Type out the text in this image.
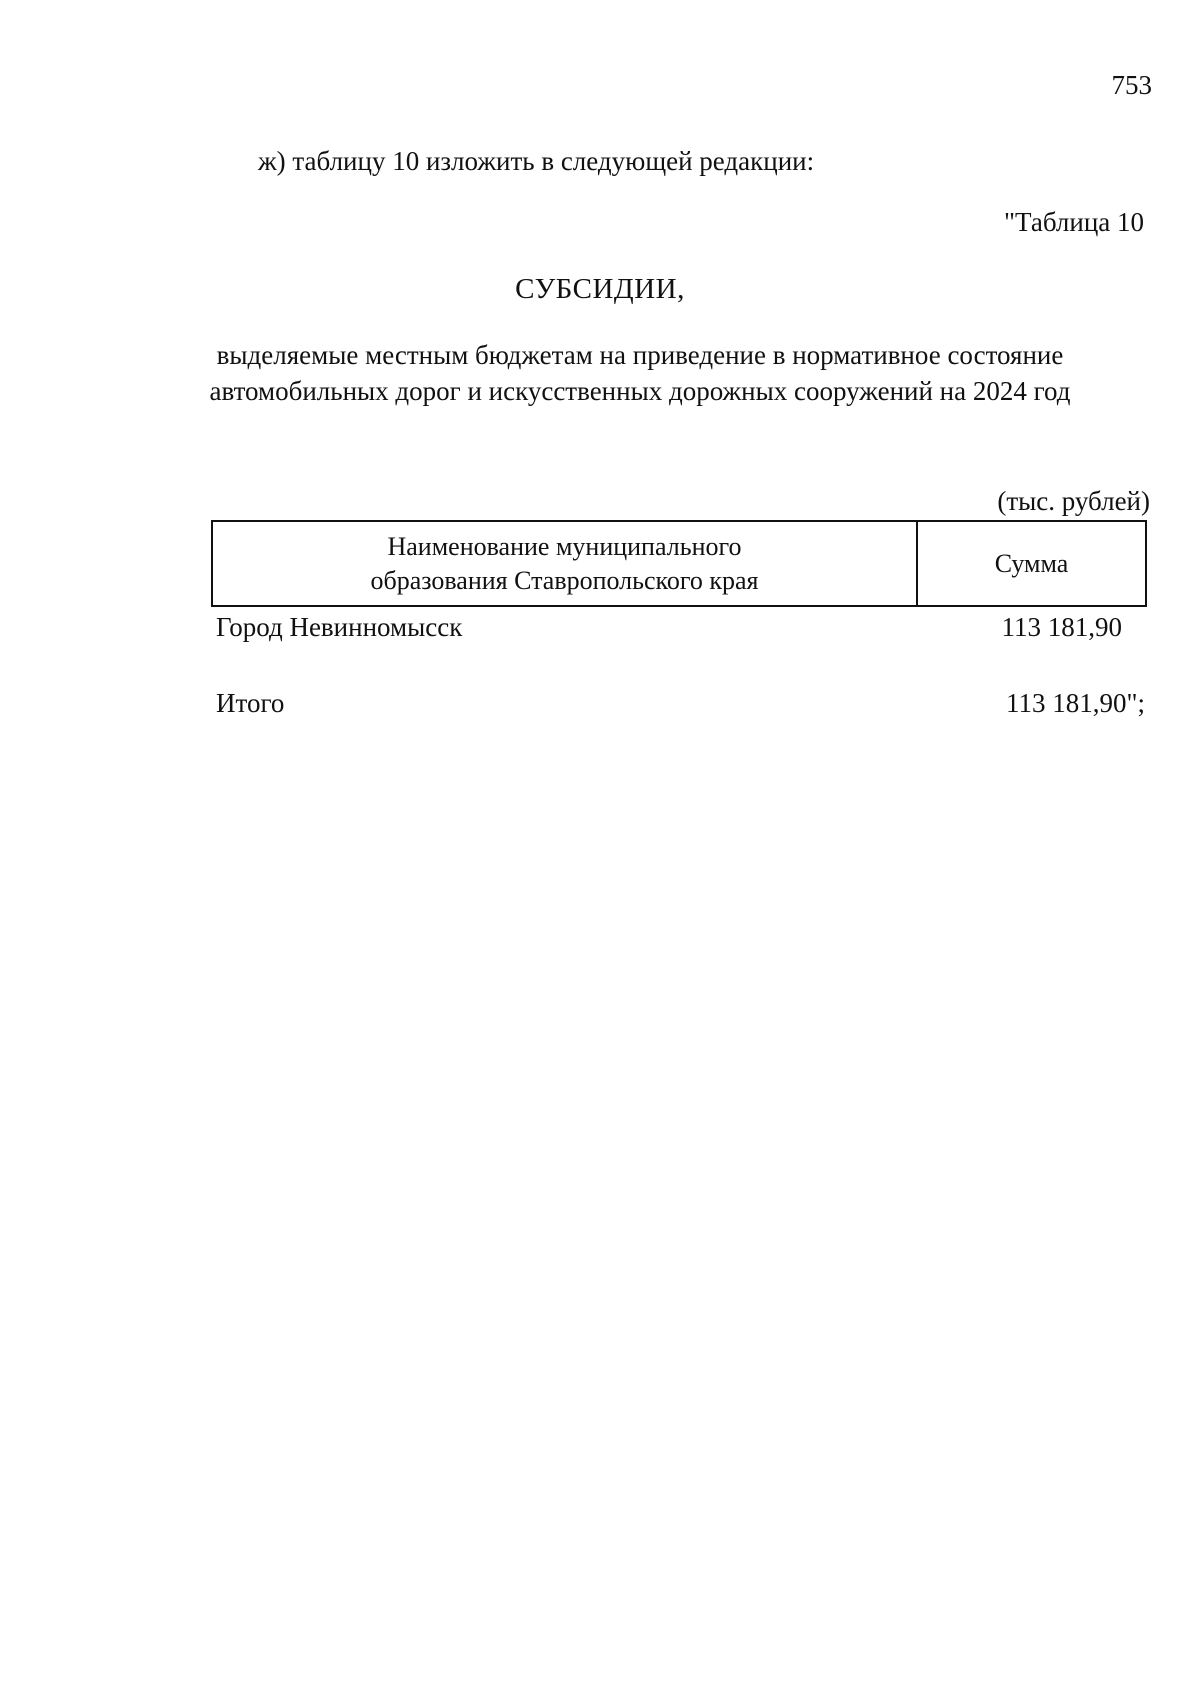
753
ж) таблицу 10 изложить в следующей редакции:
"Таблица 10
СУБСИДИИ,
выделяемые местным бюджетам на приведение в нормативное состояние
автомобильных дорог и искусственных дорожных сооружений на 2024 год
(тыс. рублей)
Наименование муниципального
образования Ставропольского края
Сумма
Город Невинномысск	113 181,90
Итого	113 181,90";
